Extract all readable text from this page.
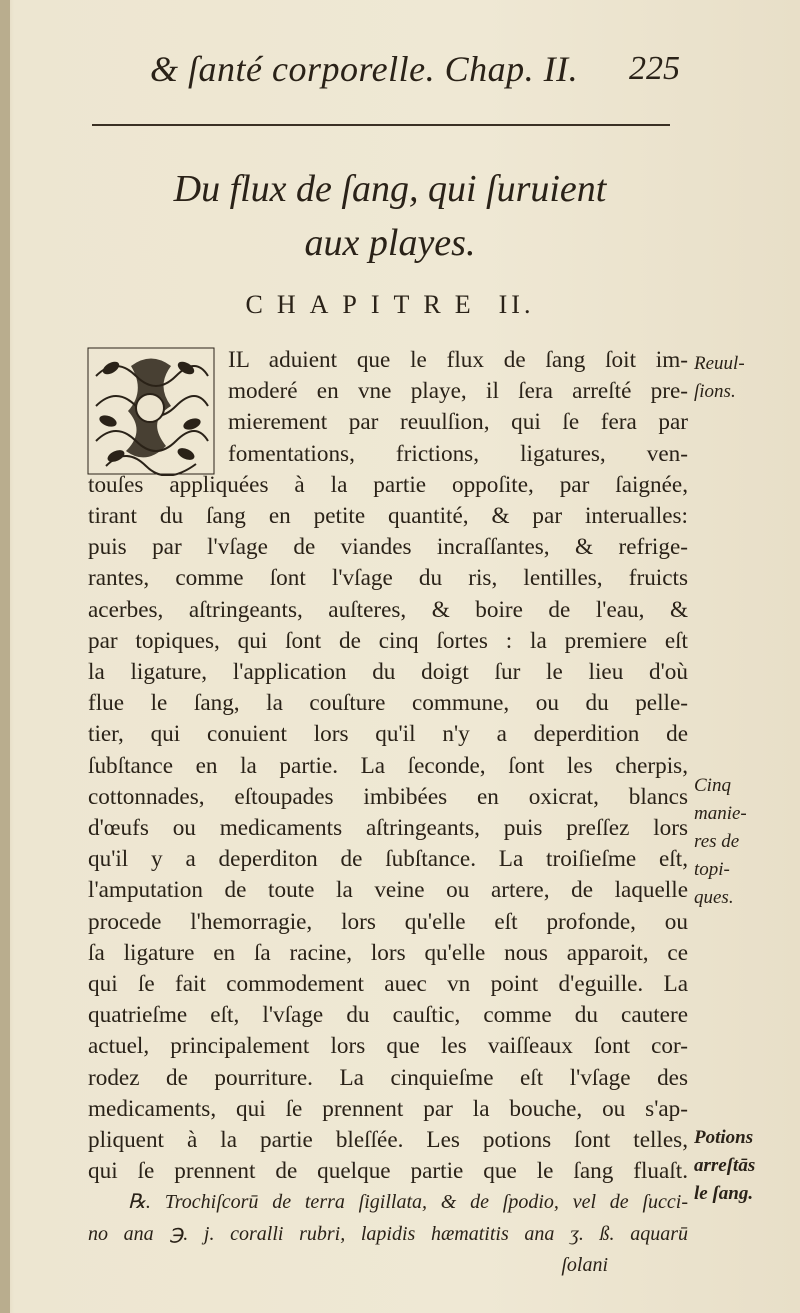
& ſanté corporelle. Chap. II. 225
Du flux de ſang, qui ſuruient
aux playes.
CHAPITRE II.
IL aduient que le flux de ſang ſoit im-
moderé en vne playe, il ſera arreſté pre-
mierement par reuulſion, qui ſe fera par
fomentations, frictions, ligatures, ven-
touſes appliquées à la partie oppoſite, par ſaignée,
tirant du ſang en petite quantité, & par interualles:
puis par l'vſage de viandes incraſſantes, & refrige-
rantes, comme ſont l'vſage du ris, lentilles, fruicts
acerbes, aſtringeants, auſteres, & boire de l'eau, &
par topiques, qui ſont de cinq ſortes : la premiere eſt
la ligature, l'application du doigt ſur le lieu d'où
flue le ſang, la couſture commune, ou du pelle-
tier, qui conuient lors qu'il n'y a deperdition de
ſubſtance en la partie. La ſeconde, ſont les cherpis,
cottonnades, eſtoupades imbibées en oxicrat, blancs
d'œufs ou medicaments aſtringeants, puis preſſez lors
qu'il y a deperditon de ſubſtance. La troiſieſme eſt,
l'amputation de toute la veine ou artere, de laquelle
procede l'hemorragie, lors qu'elle eſt profonde, ou
ſa ligature en ſa racine, lors qu'elle nous apparoit, ce
qui ſe fait commodement auec vn point d'eguille. La
quatrieſme eſt, l'vſage du cauſtic, comme du cautere
actuel, principalement lors que les vaiſſeaux ſont cor-
rodez de pourriture. La cinquieſme eſt l'vſage des
medicaments, qui ſe prennent par la bouche, ou s'ap-
pliquent à la partie bleſſée. Les potions ſont telles,
qui ſe prennent de quelque partie que le ſang fluaſt.
℞. Trochiſcorū de terra ſigillata, & de ſpodio, vel de ſucci-
no ana ℈. j. coralli rubri, lapidis hæmatitis ana ʒ. ß. aquarū
ſolani
Reuul-
ſions.
Cinq
manie-
res de
topi-
ques.
Potions
arreſtās
le ſang.
